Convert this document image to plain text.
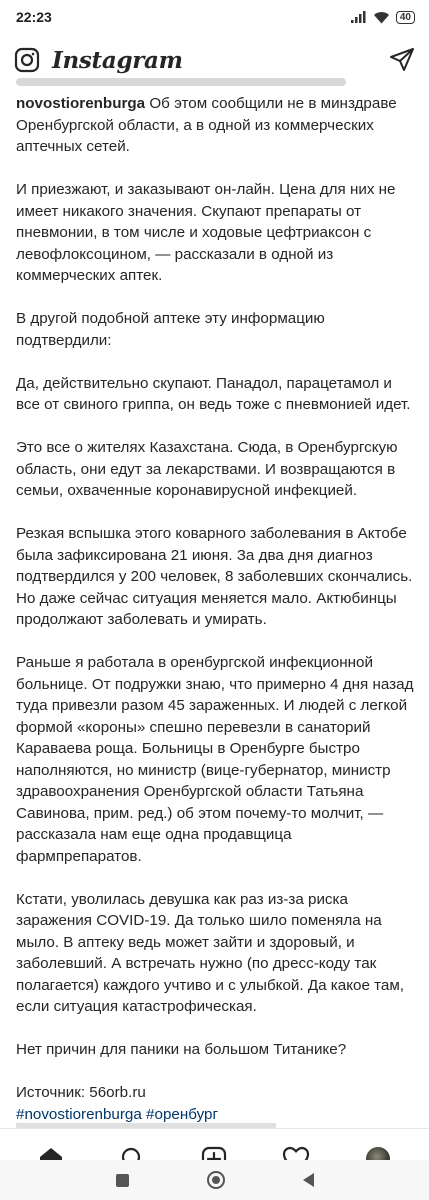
22:23	40
Instagram

novostiorenburga Об этом сообщили не в минздраве Оренбургской области, а в одной из коммерческих аптечных сетей.

И приезжают, и заказывают он-лайн. Цена для них не имеет никакого значения. Скупают препараты от пневмонии, в том числе и ходовые цефтриаксон с левофлоксоцином, — рассказали в одной из коммерческих аптек.

В другой подобной аптеке эту информацию подтвердили:

Да, действительно скупают. Панадол, парацетамол и все от свиного гриппа, он ведь тоже с пневмонией идет.

Это все о жителях Казахстана. Сюда, в Оренбургскую область, они едут за лекарствами. И возвращаются в семьи, охваченные коронавирусной инфекцией.

Резкая вспышка этого коварного заболевания в Актобе была зафиксирована 21 июня. За два дня диагноз подтвердился у 200 человек, 8 заболевших скончались. Но даже сейчас ситуация меняется мало. Актюбинцы продолжают заболевать и умирать.

Раньше я работала в оренбургской инфекционной больнице. От подружки знаю, что примерно 4 дня назад туда привезли разом 45 зараженных. И людей с легкой формой «короны» спешно перевезли в санаторий Караваева роща. Больницы в Оренбурге быстро наполняются, но министр (вице-губернатор, министр здравоохранения Оренбургской области Татьяна Савинова, прим. ред.) об этом почему-то молчит, — рассказала нам еще одна продавщица фармпрепаратов.

Кстати, уволилась девушка как раз из-за риска заражения COVID-19. Да только шило поменяла на мыло. В аптеку ведь может зайти и здоровый, и заболевший. А встречать нужно (по дресс-коду так полагается) каждого учтиво и с улыбкой. Да какое там, если ситуация катастрофическая.

Нет причин для паники на большом Титанике?

Источник: 56orb.ru

#novostiorenburga #оренбург
